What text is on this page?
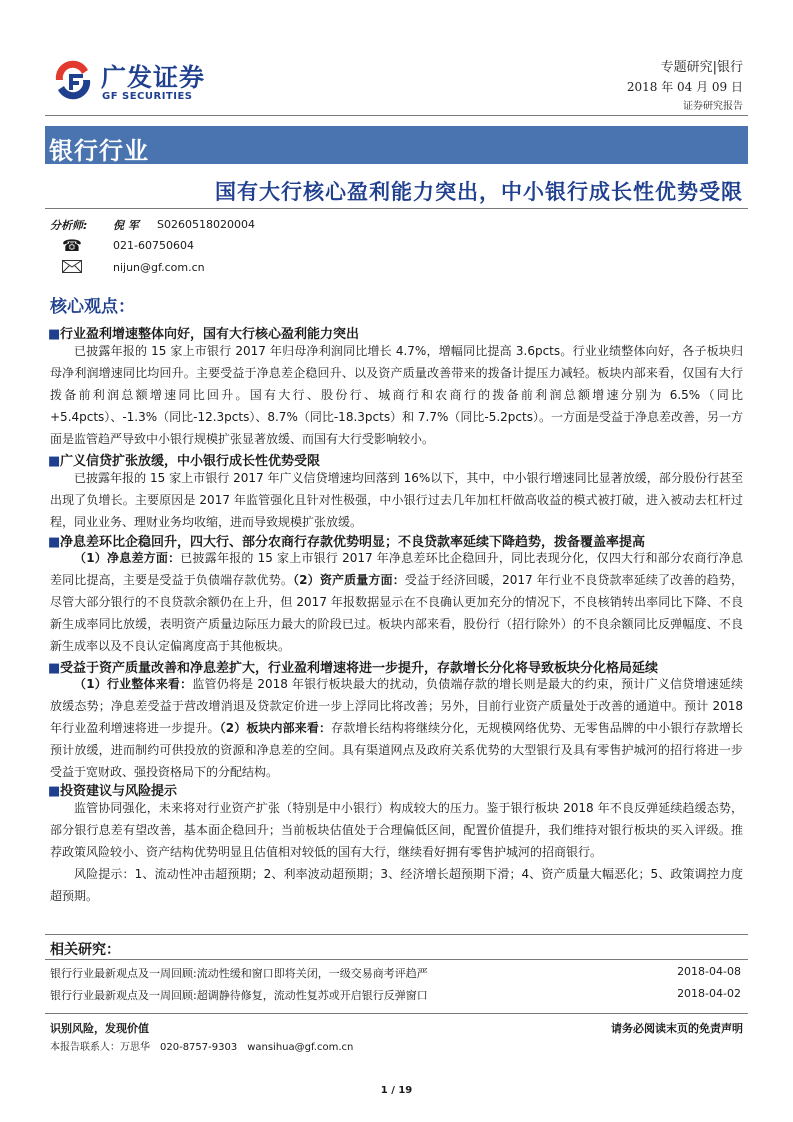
广发证券
GF SECURITIES
专题研究|银行
2018 年 04 月 09 日
证券研究报告
银行行业
国有大行核心盈利能力突出，中小银行成长性优势受限
分析师: 倪 军 S0260518020004
☎	021-60750604
nijun@gf.com.cn
核心观点：
■行业盈利增速整体向好，国有大行核心盈利能力突出

已披露年报的 15 家上市银行 2017 年归母净利润同比增长 4.7%，增幅同比提高 3.6pcts。行业业绩整体向好，各子板块归母净利润增速同比均回升。主要受益于净息差企稳回升、以及资产质量改善带来的拨备计提压力减轻。板块内部来看，仅国有大行拨备前利润总额增速同比回升。国有大行、股份行、城商行和农商行的拨备前利润总额增速分别为 6.5%（同比+5.4pcts）、-1.3%（同比-12.3pcts）、8.7%（同比-18.3pcts）和 7.7%（同比-5.2pcts）。一方面是受益于净息差改善，另一方面是监管趋严导致中小银行规模扩张显著放缓、而国有大行受影响较小。

■广义信贷扩张放缓，中小银行成长性优势受限

已披露年报的 15 家上市银行 2017 年广义信贷增速均回落到 16%以下，其中，中小银行增速同比显著放缓，部分股份行甚至出现了负增长。主要原因是 2017 年监管强化且针对性极强，中小银行过去几年加杠杆做高收益的模式被打破，进入被动去杠杆过程，同业业务、理财业务均收缩，进而导致规模扩张放缓。

■净息差环比企稳回升，四大行、部分农商行存款优势明显；不良贷款率延续下降趋势，拨备覆盖率提高

（1）净息差方面：已披露年报的 15 家上市银行 2017 年净息差环比企稳回升，同比表现分化，仅四大行和部分农商行净息差同比提高，主要是受益于负债端存款优势。（2）资产质量方面：受益于经济回暖，2017 年行业不良贷款率延续了改善的趋势，尽管大部分银行的不良贷款余额仍在上升，但 2017 年报数据显示在不良确认更加充分的情况下，不良核销转出率同比下降、不良新生成率同比放缓，表明资产质量边际压力最大的阶段已过。板块内部来看，股份行（招行除外）的不良余额同比反弹幅度、不良新生成率以及不良认定偏离度高于其他板块。

■受益于资产质量改善和净息差扩大，行业盈利增速将进一步提升，存款增长分化将导致板块分化格局延续

（1）行业整体来看：监管仍将是 2018 年银行板块最大的扰动，负债端存款的增长则是最大的约束，预计广义信贷增速延续放缓态势；净息差受益于营改增消退及贷款定价进一步上浮同比将改善；另外，目前行业资产质量处于改善的通道中。预计 2018 年行业盈利增速将进一步提升。（2）板块内部来看：存款增长结构将继续分化，无规模网络优势、无零售品牌的中小银行存款增长预计放缓，进而制约可供投放的资源和净息差的空间。具有渠道网点及政府关系优势的大型银行及具有零售护城河的招行将进一步受益于宽财政、强投资格局下的分配结构。

■投资建议与风险提示

监管协同强化，未来将对行业资产扩张（特别是中小银行）构成较大的压力。鉴于银行板块 2018 年不良反弹延续趋缓态势，部分银行息差有望改善，基本面企稳回升；当前板块估值处于合理偏低区间，配置价值提升，我们维持对银行板块的买入评级。推荐政策风险较小、资产结构优势明显且估值相对较低的国有大行，继续看好拥有零售护城河的招商银行。

风险提示：1、流动性冲击超预期；2、利率波动超预期；3、经济增长超预期下滑；4、资产质量大幅恶化；5、政策调控力度超预期。

相关研究：
银行行业最新观点及一周回顾:流动性缓和窗口即将关闭，一级交易商考评趋严	2018-04-08
银行行业最新观点及一周回顾:超调静待修复，流动性复苏或开启银行反弹窗口	2018-04-02
识别风险，发现价值	请务必阅读末页的免责声明
本报告联系人：万思华　020-8757-9303　wansihua@gf.com.cn
1 / 19
